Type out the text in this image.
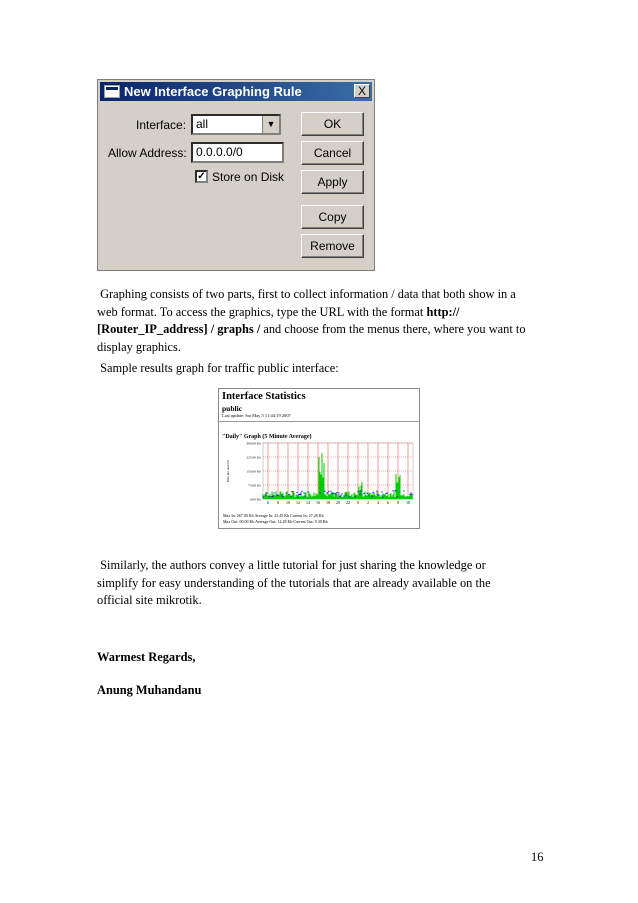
New Interface Graphing Rule	X
Interface: all	▼
Allow Address: 0.0.0.0/0
✓ Store on Disk
OK
Cancel
Apply
Copy
Remove
Graphing consists of two parts, first to collect information / data that both show in a
web format. To access the graphics, type the URL with the format http://
[Router_IP_address] / graphs / and choose from the menus there, where you want to
display graphics.
Sample results graph for traffic public interface:
Interface Statistics
public
Last update: Sat May 5 11:44:19 2007
"Daily" Graph (5 Minute Average)
Bits per second
300.00 Kb
225.00 Kb
150.00 Kb
75.00 Kb
0.00 Kb
6 8 10 12 14 16 18 20 22 0 2 4 6 8 10
Max In: 267.00 Kb Average In: 23.45 Kb Current In: 27.20 Kb
Max Out: 69.00 Kb Average Out: 14.28 Kb Current Out: 9.30 Kb
Similarly, the authors convey a little tutorial for just sharing the knowledge or
simplify for easy understanding of the tutorials that are already available on the
official site mikrotik.
Warmest Regards,
Anung Muhandanu
16
